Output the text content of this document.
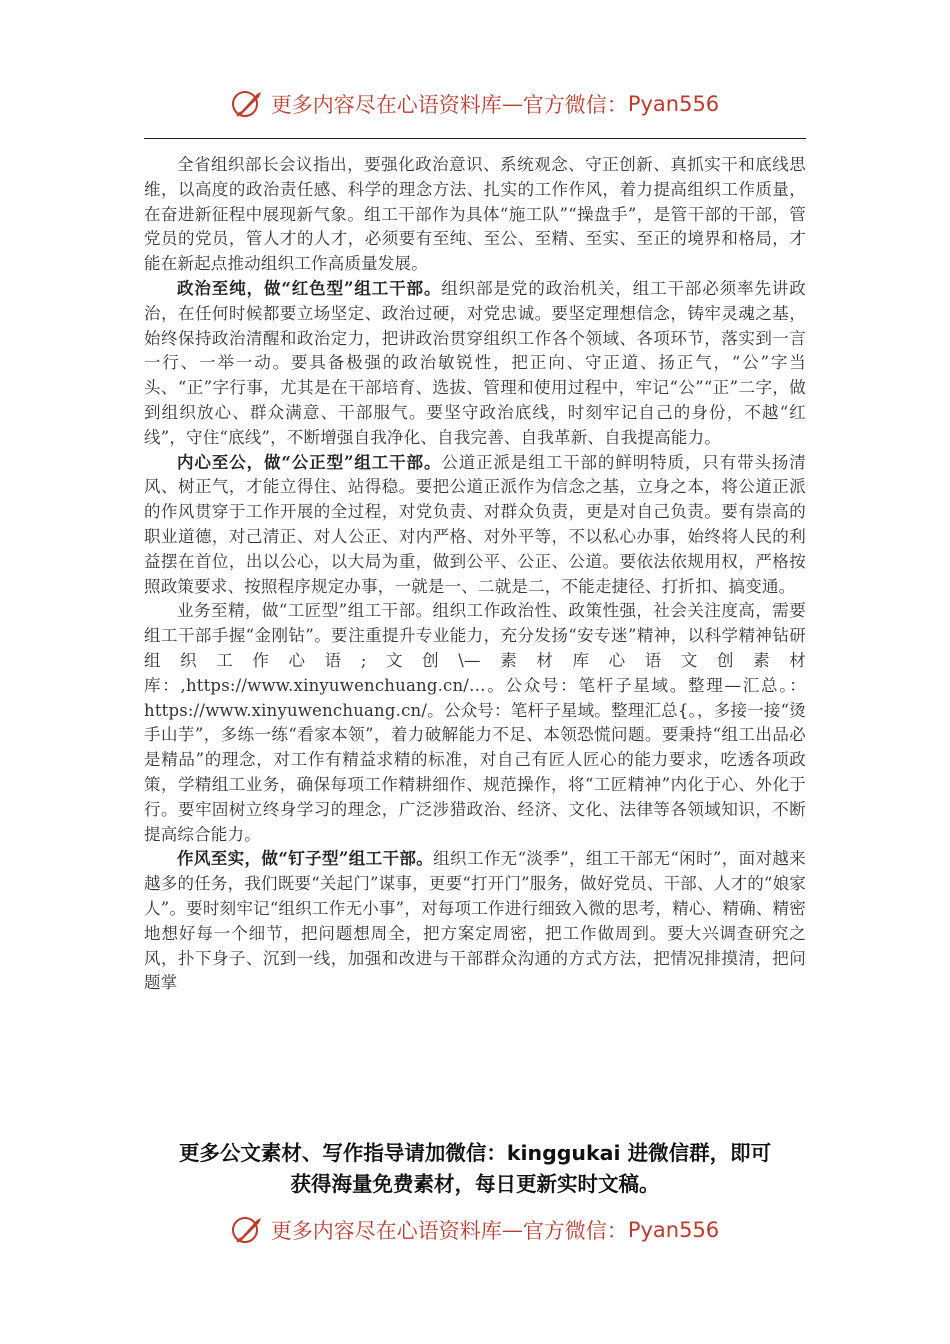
更多内容尽在心语资料库 — 官方微信： Pyan556

全省组织部长会议指出，要强化政治意识、系统观念、守正创新、真抓实干和底线思维，以高度的政治责任感、科学的理念方法、扎实的工作作风，着力提高组织工作质量，在奋进新征程中展现新气象。组工干部作为具体“施工队”“操盘手”，是管干部的干部，管党员的党员，管人才的人才，必须要有至纯、至公、至精、至实、至正的境界和格局，才能在新起点推动组织工作高质量发展。

政治至纯，做“红色型”组工干部。组织部是党的政治机关，组工干部必须率先讲政治，在任何时候都要立场坚定、政治过硬，对党忠诚。要坚定理想信念，铸牢灵魂之基，始终保持政治清醒和政治定力，把讲政治贯穿组织工作各个领域、各项环节，落实到一言一行、一举一动。要具备极强的政治敏锐性，把正向、守正道、扬正气，“公”字当头、“正”字行事，尤其是在干部培育、选拔、管理和使用过程中，牢记“公”“正”二字，做到组织放心、群众满意、干部服气。要坚守政治底线，时刻牢记自己的身份，不越“红线”，守住“底线”，不断增强自我净化、自我完善、自我革新、自我提高能力。

内心至公，做“公正型”组工干部。公道正派是组工干部的鲜明特质，只有带头扬清风、树正气，才能立得住、站得稳。要把公道正派作为信念之基，立身之本，将公道正派的作风贯穿于工作开展的全过程，对党负责、对群众负责，更是对自己负责。要有崇高的职业道德，对己清正、对人公正、对内严格、对外平等，不以私心办事，始终将人民的利益摆在首位，出以公心，以大局为重，做到公平、公正、公道。要依法依规用权，严格按照政策要求、按照程序规定办事，一就是一、二就是二，不能走捷径、打折扣、搞变通。

业务至精，做“工匠型”组工干部。组织工作政治性、政策性强，社会关注度高，需要组工干部手握“金刚钻”。要注重提升专业能力，充分发扬“安专迷”精神，以科学精神钻研组织工作心语;文创\—素材库心语文创素材库：,https://www.xinyuwenchuang.cn/…。公众号：笔杆子星域。整理—汇总。：https://www.xinyuwenchuang.cn/。公众号：笔杆子星域。整理汇总{。，多接一接“烫手山芋”，多练一练“看家本领”，着力破解能力不足、本领恐慌问题。要秉持“组工出品必是精品”的理念，对工作有精益求精的标准，对自己有匠人匠心的能力要求，吃透各项政策，学精组工业务，确保每项工作精耕细作、规范操作，将“工匠精神”内化于心、外化于行。要牢固树立终身学习的理念，广泛涉猎政治、经济、文化、法律等各领域知识，不断提高综合能力。

作风至实，做“钉子型”组工干部。组织工作无“淡季”，组工干部无“闲时”，面对越来越多的任务，我们既要“关起门”谋事，更要“打开门”服务，做好党员、干部、人才的“娘家人”。要时刻牢记“组织工作无小事”，对每项工作进行细致入微的思考，精心、精确、精密地想好每一个细节，把问题想周全，把方案定周密，把工作做周到。要大兴调查研究之风，扑下身子、沉到一线，加强和改进与干部群众沟通的方式方法，把情况排摸清，把问题掌

更多公文素材、写作指导请加微信：kinggukai 进微信群，即可
获得海量免费素材，每日更新实时文稿。
更多内容尽在心语资料库 — 官方微信： Pyan556
